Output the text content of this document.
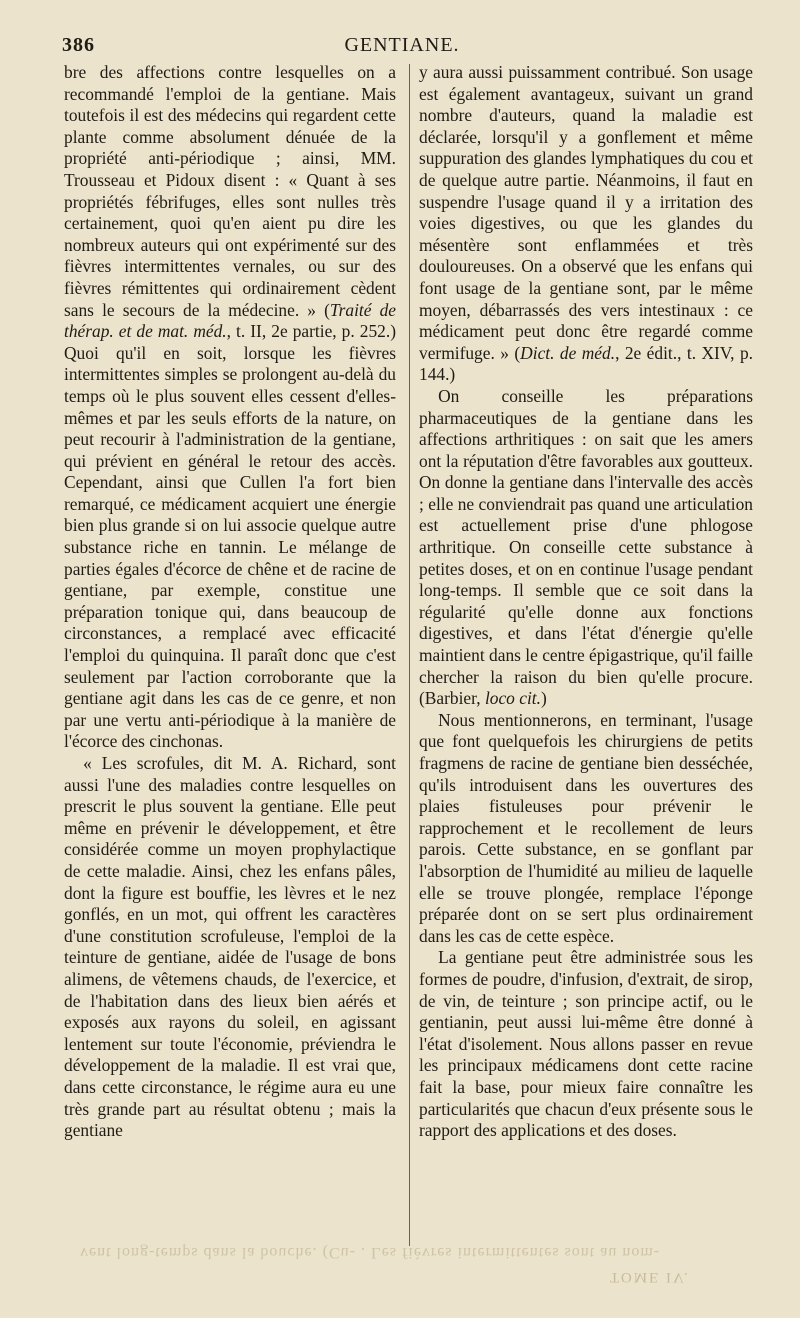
386	GENTIANE.

bre des affections contre lesquelles on a recommandé l'emploi de la gentiane. Mais toutefois il est des médecins qui regardent cette plante comme absolument dénuée de la propriété anti-périodique ; ainsi, MM. Trousseau et Pidoux disent : « Quant à ses propriétés fébrifuges, elles sont nulles très certainement, quoi qu'en aient pu dire les nombreux auteurs qui ont expérimenté sur des fièvres intermittentes vernales, ou sur des fièvres rémittentes qui ordinairement cèdent sans le secours de la médecine. » (Traité de thérap. et de mat. méd., t. II, 2e partie, p. 252.) Quoi qu'il en soit, lorsque les fièvres intermittentes simples se prolongent au-delà du temps où le plus souvent elles cessent d'elles-mêmes et par les seuls efforts de la nature, on peut recourir à l'administration de la gentiane, qui prévient en général le retour des accès. Cependant, ainsi que Cullen l'a fort bien remarqué, ce médicament acquiert une énergie bien plus grande si on lui associe quelque autre substance riche en tannin. Le mélange de parties égales d'écorce de chêne et de racine de gentiane, par exemple, constitue une préparation tonique qui, dans beaucoup de circonstances, a remplacé avec efficacité l'emploi du quinquina. Il paraît donc que c'est seulement par l'action corroborante que la gentiane agit dans les cas de ce genre, et non par une vertu anti-périodique à la manière de l'écorce des cinchonas.

« Les scrofules, dit M. A. Richard, sont aussi l'une des maladies contre lesquelles on prescrit le plus souvent la gentiane. Elle peut même en prévenir le développement, et être considérée comme un moyen prophylactique de cette maladie. Ainsi, chez les enfans pâles, dont la figure est bouffie, les lèvres et le nez gonflés, en un mot, qui offrent les caractères d'une constitution scrofuleuse, l'emploi de la teinture de gentiane, aidée de l'usage de bons alimens, de vêtemens chauds, de l'exercice, et de l'habitation dans des lieux bien aérés et exposés aux rayons du soleil, en agissant lentement sur toute l'économie, préviendra le développement de la maladie. Il est vrai que, dans cette circonstance, le régime aura eu une très grande part au résultat obtenu ; mais la gentiane

y aura aussi puissamment contribué. Son usage est également avantageux, suivant un grand nombre d'auteurs, quand la maladie est déclarée, lorsqu'il y a gonflement et même suppuration des glandes lymphatiques du cou et de quelque autre partie. Néanmoins, il faut en suspendre l'usage quand il y a irritation des voies digestives, ou que les glandes du mésentère sont enflammées et très douloureuses. On a observé que les enfans qui font usage de la gentiane sont, par le même moyen, débarrassés des vers intestinaux : ce médicament peut donc être regardé comme vermifuge. » (Dict. de méd., 2e édit., t. XIV, p. 144.)

On conseille les préparations pharmaceutiques de la gentiane dans les affections arthritiques : on sait que les amers ont la réputation d'être favorables aux goutteux. On donne la gentiane dans l'intervalle des accès ; elle ne conviendrait pas quand une articulation est actuellement prise d'une phlogose arthritique. On conseille cette substance à petites doses, et on en continue l'usage pendant long-temps. Il semble que ce soit dans la régularité qu'elle donne aux fonctions digestives, et dans l'état d'énergie qu'elle maintient dans le centre épigastrique, qu'il faille chercher la raison du bien qu'elle procure. (Barbier, loco cit.)

Nous mentionnerons, en terminant, l'usage que font quelquefois les chirurgiens de petits fragmens de racine de gentiane bien desséchée, qu'ils introduisent dans les ouvertures des plaies fistuleuses pour prévenir le rapprochement et le recollement de leurs parois. Cette substance, en se gonflant par l'absorption de l'humidité au milieu de laquelle elle se trouve plongée, remplace l'éponge préparée dont on se sert plus ordinairement dans les cas de cette espèce.

La gentiane peut être administrée sous les formes de poudre, d'infusion, d'extrait, de sirop, de vin, de teinture ; son principe actif, ou le gentianin, peut aussi lui-même être donné à l'état d'isolement. Nous allons passer en revue les principaux médicamens dont cette racine fait la base, pour mieux faire connaître les particularités que chacun d'eux présente sous le rapport des applications et des doses.

vent long-temps dans la bouche. (Cu- . Les fièvres intermittentes sont au nom-
TOME IV.
